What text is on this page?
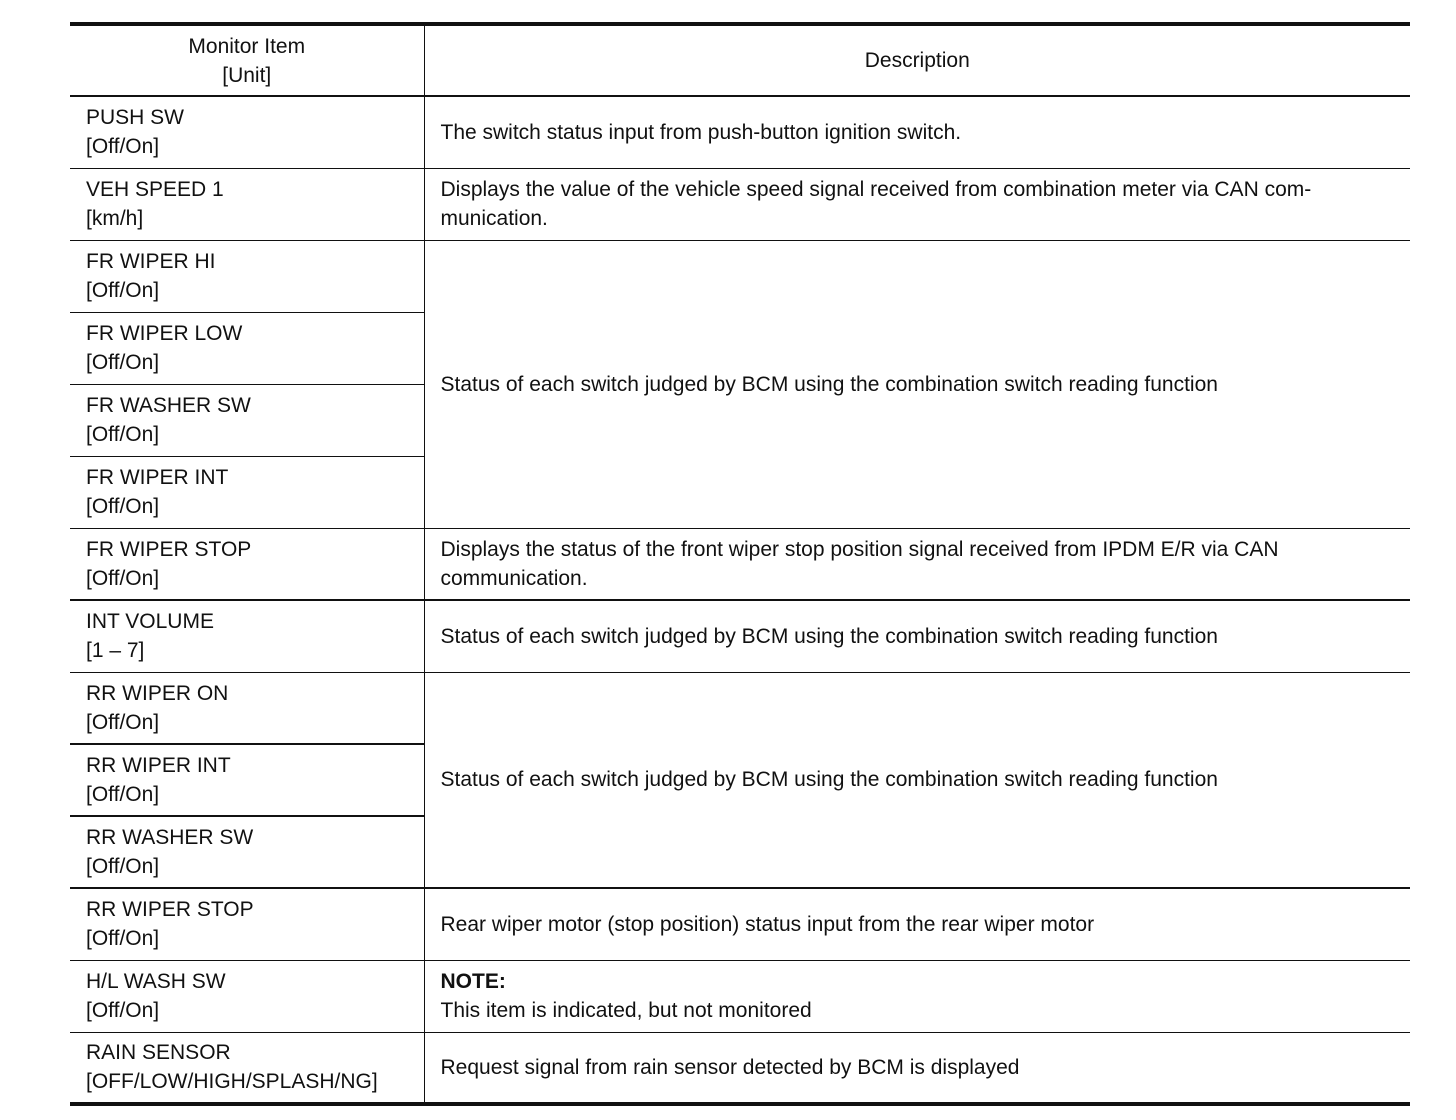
Monitor Item
[Unit]	Description

PUSH SW
[Off/On]	The switch status input from push-button ignition switch.

VEH SPEED 1
[km/h]	Displays the value of the vehicle speed signal received from combination meter via CAN com-munication.

FR WIPER HI
[Off/On]	Status of each switch judged by BCM using the combination switch reading function

FR WIPER LOW
[Off/On]	

FR WASHER SW
[Off/On]	

FR WIPER INT
[Off/On]	

FR WIPER STOP
[Off/On]	Displays the status of the front wiper stop position signal received from IPDM E/R via CAN communication.

INT VOLUME
[1 – 7]	Status of each switch judged by BCM using the combination switch reading function

RR WIPER ON
[Off/On]	Status of each switch judged by BCM using the combination switch reading function

RR WIPER INT
[Off/On]	

RR WASHER SW
[Off/On]	

RR WIPER STOP
[Off/On]	Rear wiper motor (stop position) status input from the rear wiper motor

H/L WASH SW
[Off/On]	NOTE:
This item is indicated, but not monitored

RAIN SENSOR
[OFF/LOW/HIGH/SPLASH/NG]	Request signal from rain sensor detected by BCM is displayed
